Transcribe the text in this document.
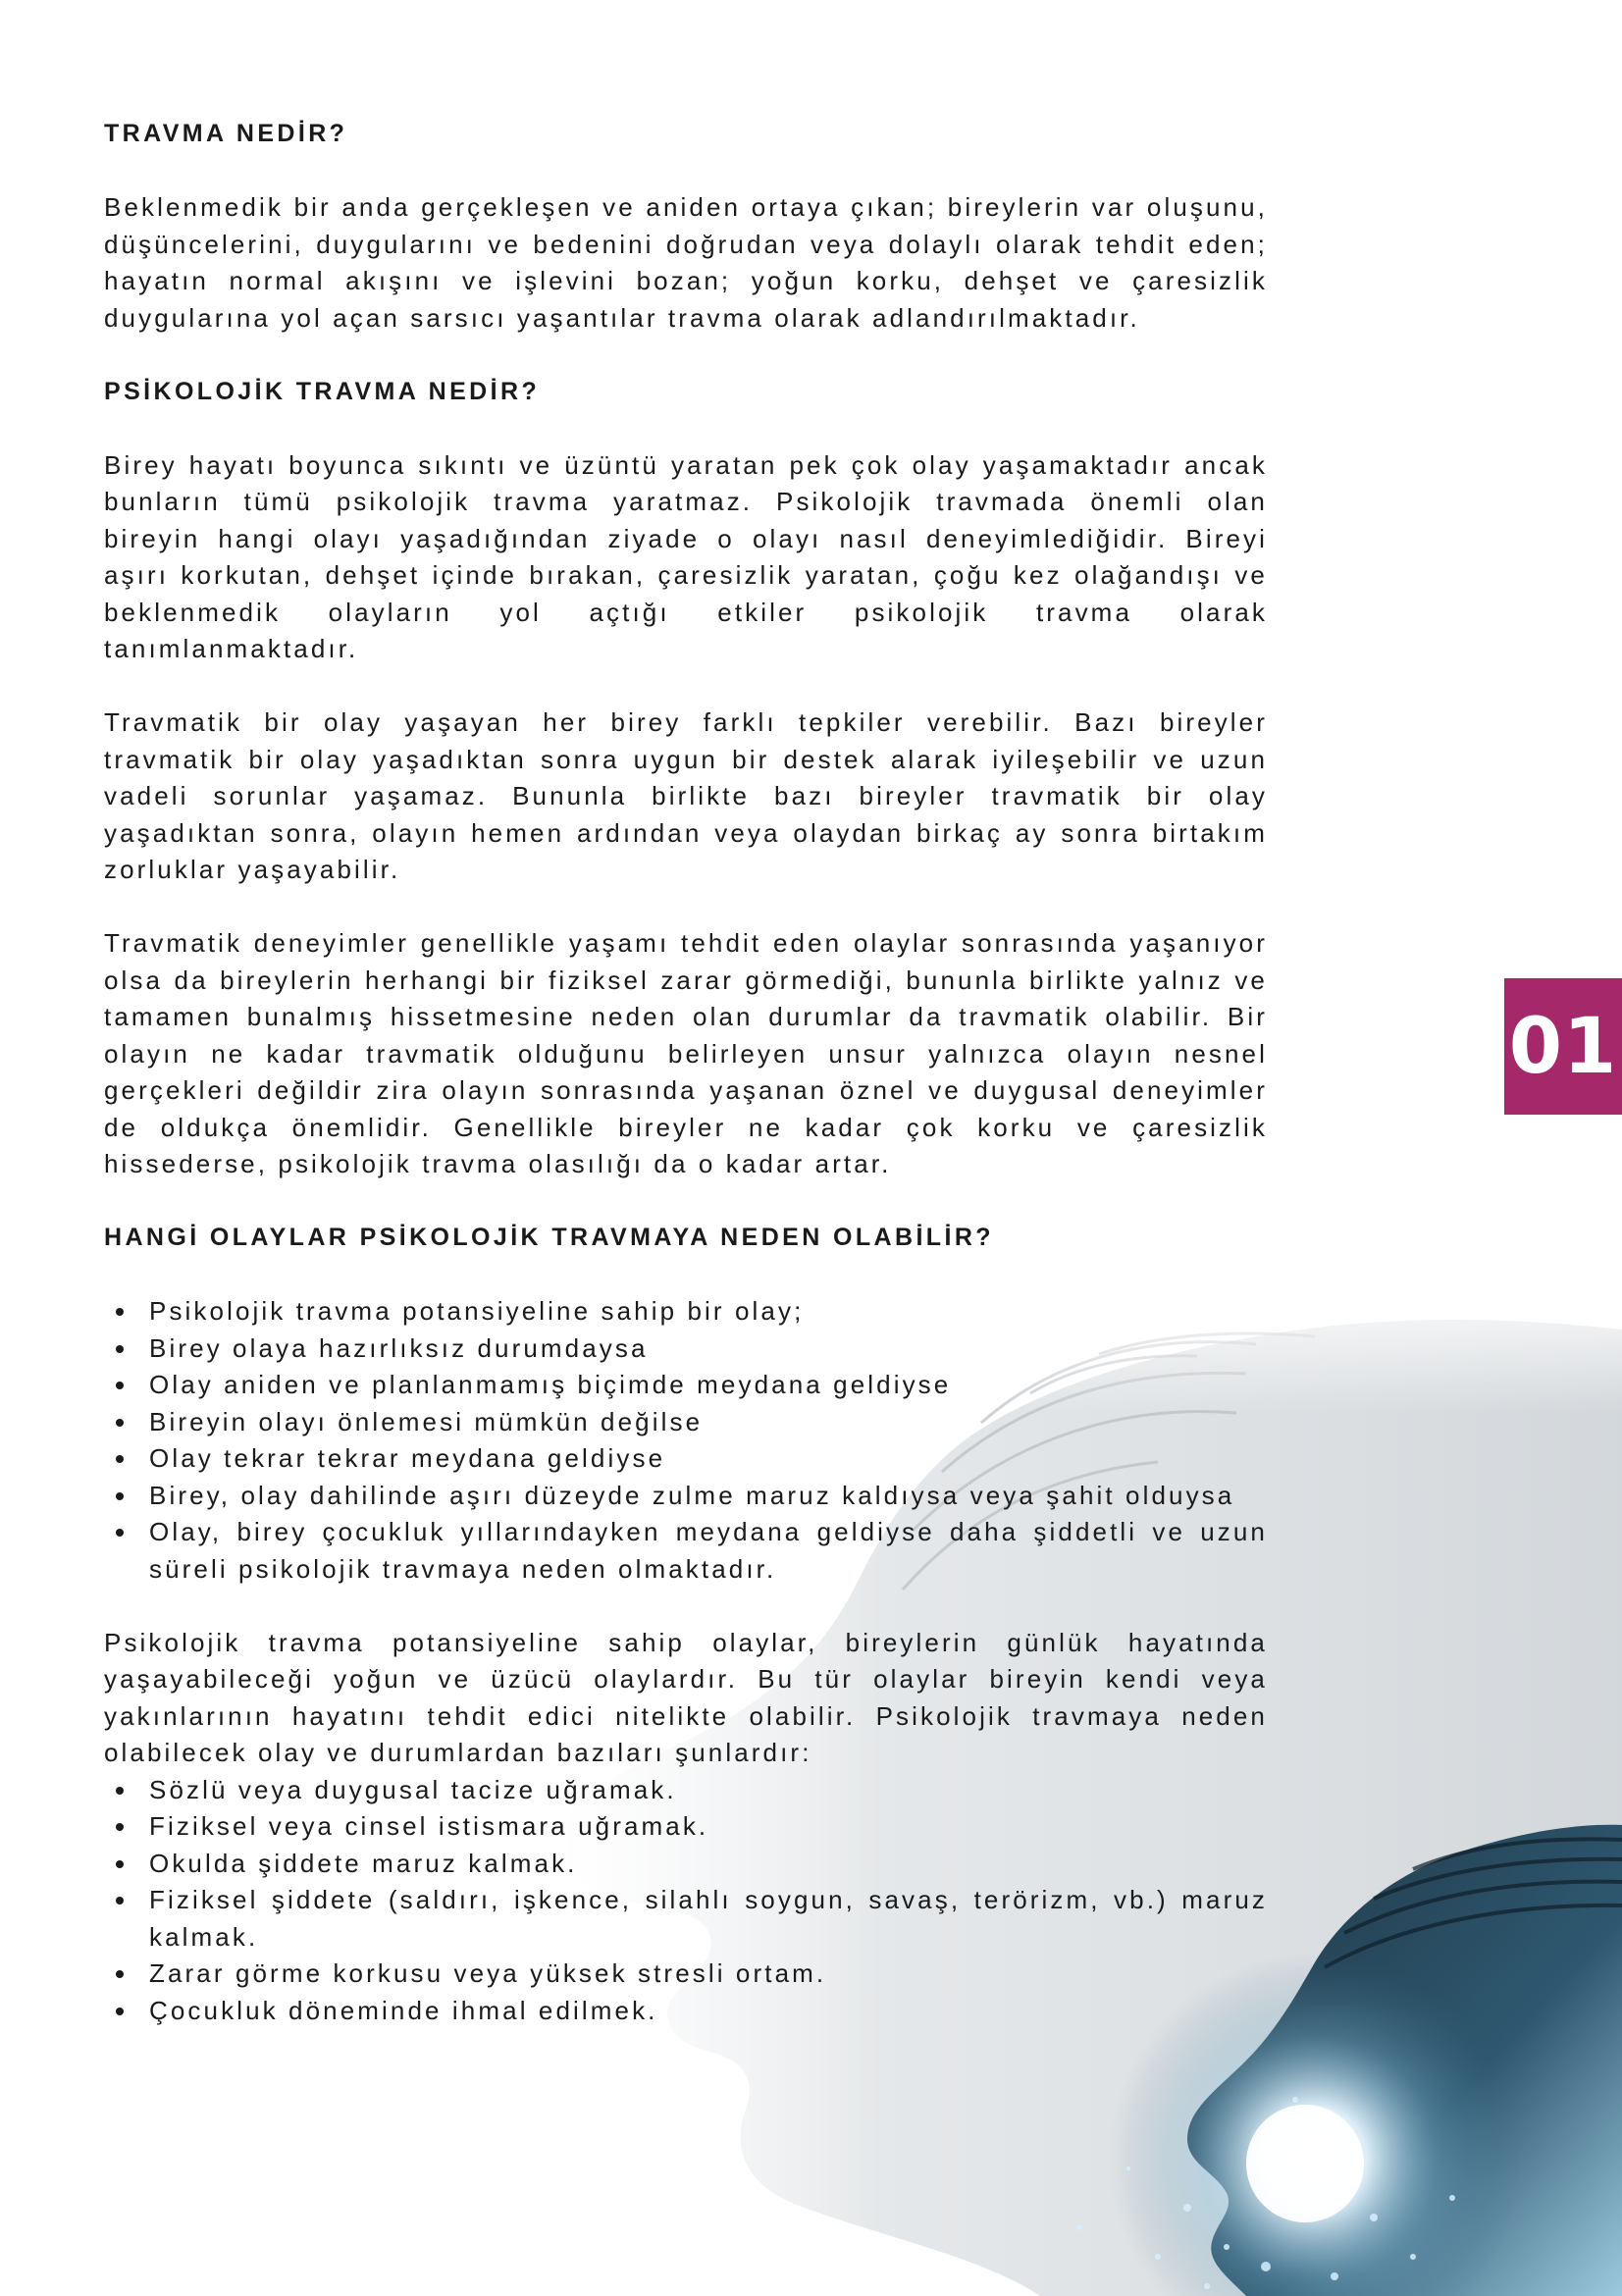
TRAVMA NEDİR?

Beklenmedik bir anda gerçekleşen ve aniden ortaya çıkan; bireylerin var oluşunu, düşüncelerini, duygularını ve bedenini doğrudan veya dolaylı olarak tehdit eden; hayatın normal akışını ve işlevini bozan; yoğun korku, dehşet ve çaresizlik duygularına yol açan sarsıcı yaşantılar travma olarak adlandırılmaktadır.

PSİKOLOJİK TRAVMA NEDİR?

Birey hayatı boyunca sıkıntı ve üzüntü yaratan pek çok olay yaşamaktadır ancak bunların tümü psikolojik travma yaratmaz. Psikolojik travmada önemli olan bireyin hangi olayı yaşadığından ziyade o olayı nasıl deneyimlediğidir. Bireyi aşırı korkutan, dehşet içinde bırakan, çaresizlik yaratan, çoğu kez olağandışı ve beklenmedik olayların yol açtığı etkiler psikolojik travma olarak tanımlanmaktadır.

Travmatik bir olay yaşayan her birey farklı tepkiler verebilir. Bazı bireyler travmatik bir olay yaşadıktan sonra uygun bir destek alarak iyileşebilir ve uzun vadeli sorunlar yaşamaz. Bununla birlikte bazı bireyler travmatik bir olay yaşadıktan sonra, olayın hemen ardından veya olaydan birkaç ay sonra birtakım zorluklar yaşayabilir.

Travmatik deneyimler genellikle yaşamı tehdit eden olaylar sonrasında yaşanıyor olsa da bireylerin herhangi bir fiziksel zarar görmediği, bununla birlikte yalnız ve tamamen bunalmış hissetmesine neden olan durumlar da travmatik olabilir. Bir olayın ne kadar travmatik olduğunu belirleyen unsur yalnızca olayın nesnel gerçekleri değildir zira olayın sonrasında yaşanan öznel ve duygusal deneyimler de oldukça önemlidir. Genellikle bireyler ne kadar çok korku ve çaresizlik hissederse, psikolojik travma olasılığı da o kadar artar.

HANGİ OLAYLAR PSİKOLOJİK TRAVMAYA NEDEN OLABİLİR?
Psikolojik travma potansiyeline sahip bir olay;
Birey olaya hazırlıksız durumdaysa
Olay aniden ve planlanmamış biçimde meydana geldiyse
Bireyin olayı önlemesi mümkün değilse
Olay tekrar tekrar meydana geldiyse
Birey, olay dahilinde aşırı düzeyde zulme maruz kaldıysa veya şahit olduysa
Olay, birey çocukluk yıllarındayken meydana geldiyse daha şiddetli ve uzun süreli psikolojik travmaya neden olmaktadır.

Psikolojik travma potansiyeline sahip olaylar, bireylerin günlük hayatında yaşayabileceği yoğun ve üzücü olaylardır. Bu tür olaylar bireyin kendi veya yakınlarının hayatını tehdit edici nitelikte olabilir. Psikolojik travmaya neden olabilecek olay ve durumlardan bazıları şunlardır:

Sözlü veya duygusal tacize uğramak.
Fiziksel veya cinsel istismara uğramak.
Okulda şiddete maruz kalmak.
Fiziksel şiddete (saldırı, işkence, silahlı soygun, savaş, terörizm, vb.) maruz kalmak.
Zarar görme korkusu veya yüksek stresli ortam.
Çocukluk döneminde ihmal edilmek.
01
